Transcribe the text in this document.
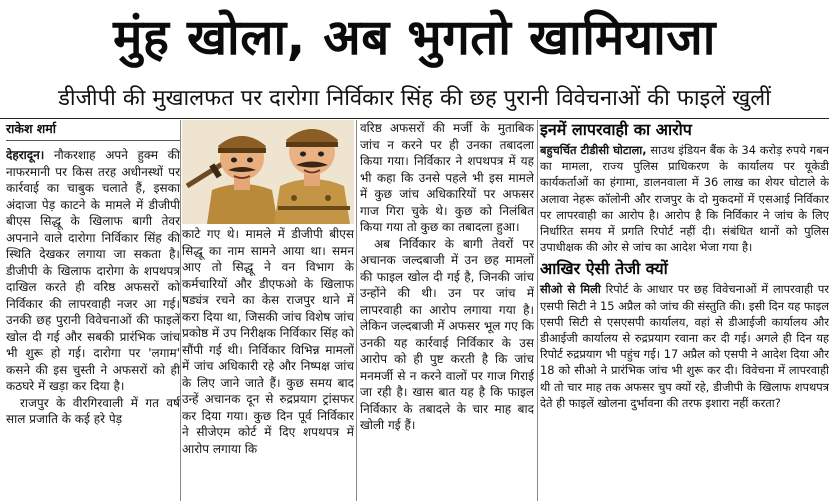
मुंह खोला, अब भुगतो खामियाजा
डीजीपी की मुखालफत पर दारोगा निर्विकार सिंह की छह पुरानी विवेचनाओं की फाइलें खुलीं
राकेश शर्मा

देहरादून। नौकरशाह अपने हुक्म की नाफरमानी पर किस तरह अधीनस्थों पर कार्रवाई का चाबुक चलाते हैं, इसका अंदाजा पेड़ काटने के मामले में डीजीपी बीएस सिद्धू के खिलाफ बागी तेवर अपनाने वाले दारोगा निर्विकार सिंह की स्थिति देखकर लगाया जा सकता है। डीजीपी के खिलाफ दारोगा के शपथपत्र दाखिल करते ही वरिष्ठ अफसरों को निर्विकार की लापरवाही नजर आ गई। उनकी छह पुरानी विवेचनाओं की फाइलें खोल दी गई और सबकी प्रारंभिक जांच भी शुरू हो गई। दारोगा पर 'लगाम' कसने की इस चुस्ती ने अफसरों को ही कठघरे में खड़ा कर दिया है।

राजपुर के वीरगिरवाली में गत वर्ष साल प्रजाति के कई हरे पेड़

काटे गए थे। मामले में डीजीपी बीएस सिद्धू का नाम सामने आया था। समन आए तो सिद्धू ने वन विभाग के कर्मचारियों और डीएफओ के खिलाफ षड्यंत्र रचने का केस राजपुर थाने में करा दिया था, जिसकी जांच विशेष जांच प्रकोष्ठ में उप निरीक्षक निर्विकार सिंह को सौंपी गई थी। निर्विकार विभिन्न मामलों में जांच अधिकारी रहे और निष्पक्ष जांच के लिए जाने जाते हैं। कुछ समय बाद उन्हें अचानक दून से रुद्रप्रयाग ट्रांसफर कर दिया गया। कुछ दिन पूर्व निर्विकार ने सीजेएम कोर्ट में दिए शपथपत्र में आरोप लगाया कि

वरिष्ठ अफसरों की मर्जी के मुताबिक जांच न करने पर ही उनका तबादला किया गया। निर्विकार ने शपथपत्र में यह भी कहा कि उनसे पहले भी इस मामले में कुछ जांच अधिकारियों पर अफसर गाज गिरा चुके थे। कुछ को निलंबित किया गया तो कुछ का तबादला हुआ।

अब निर्विकार के बागी तेवरों पर अचानक जल्दबाजी में उन छह मामलों की फाइल खोल दी गई है, जिनकी जांच उन्होंने की थी। उन पर जांच में लापरवाही का आरोप लगाया गया है। लेकिन जल्दबाजी में अफसर भूल गए कि उनकी यह कार्रवाई निर्विकार के उस आरोप को ही पुष्ट करती है कि जांच मनमर्जी से न करने वालों पर गाज गिराई जा रही है। खास बात यह है कि फाइल निर्विकार के तबादले के चार माह बाद खोली गई हैं।

इनमें लापरवाही का आरोप

बहुचर्चित टीडीसी घोटाला, साउथ इंडियन बैंक के 34 करोड़ रुपये गबन का मामला, राज्य पुलिस प्राधिकरण के कार्यालय पर यूकेडी कार्यकर्ताओं का हंगामा, डालनवाला में 36 लाख का शेयर घोटाले के अलावा नेहरू कॉलोनी और राजपुर के दो मुकदमों में एसआई निर्विकार पर लापरवाही का आरोप है। आरोप है कि निर्विकार ने जांच के लिए निर्धारित समय में प्रगति रिपोर्ट नहीं दी। संबंधित थानों को पुलिस उपाधीक्षक की ओर से जांच का आदेश भेजा गया है।

आखिर ऐसी तेजी क्यों

सीओ से मिली रिपोर्ट के आधार पर छह विवेचनाओं में लापरवाही पर एसपी सिटी ने 15 अप्रैल को जांच की संस्तुति की। इसी दिन यह फाइल एसपी सिटी से एसएसपी कार्यालय, वहां से डीआईजी कार्यालय और डीआईजी कार्यालय से रुद्रप्रयाग रवाना कर दी गई। अगले ही दिन यह रिपोर्ट रुद्रप्रयाग भी पहुंच गई। 17 अप्रैल को एसपी ने आदेश दिया और 18 को सीओ ने प्रारंभिक जांच भी शुरू कर दी। विवेचना में लापरवाही थी तो चार माह तक अफसर चुप क्यों रहे, डीजीपी के खिलाफ शपथपत्र देते ही फाइलें खोलना दुर्भावना की तरफ इशारा नहीं करता?
